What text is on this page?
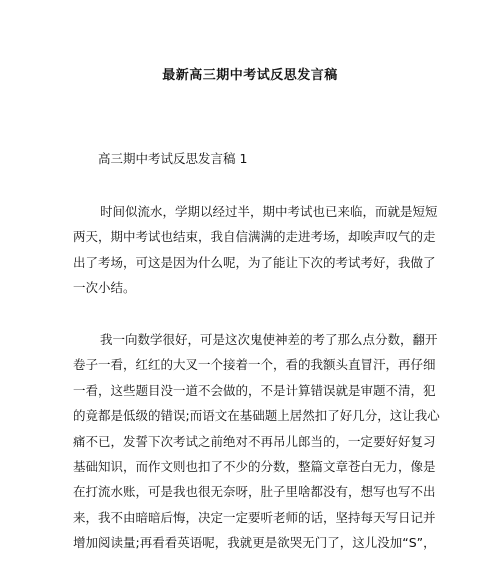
最新高三期中考试反思发言稿
高三期中考试反思发言稿 1
时间似流水，学期以经过半，期中考试也已来临，而就是短短
两天，期中考试也结束，我自信满满的走进考场，却唉声叹气的走
出了考场，可这是因为什么呢，为了能让下次的考试考好，我做了
一次小结。
我一向数学很好，可是这次鬼使神差的考了那么点分数，翻开
卷子一看，红红的大叉一个接着一个，看的我额头直冒汗，再仔细
一看，这些题目没一道不会做的，不是计算错误就是审题不清，犯
的竟都是低级的错误;而语文在基础题上居然扣了好几分，这让我心
痛不已，发誓下次考试之前绝对不再吊儿郎当的，一定要好好复习
基础知识，而作文则也扣了不少的分数，整篇文章苍白无力，像是
在打流水账，可是我也很无奈呀，肚子里啥都没有，想写也写不出
来，我不由暗暗后悔，决定一定要听老师的话，坚持每天写日记并
增加阅读量;再看看英语呢，我就更是欲哭无门了，这儿没加“S”，
